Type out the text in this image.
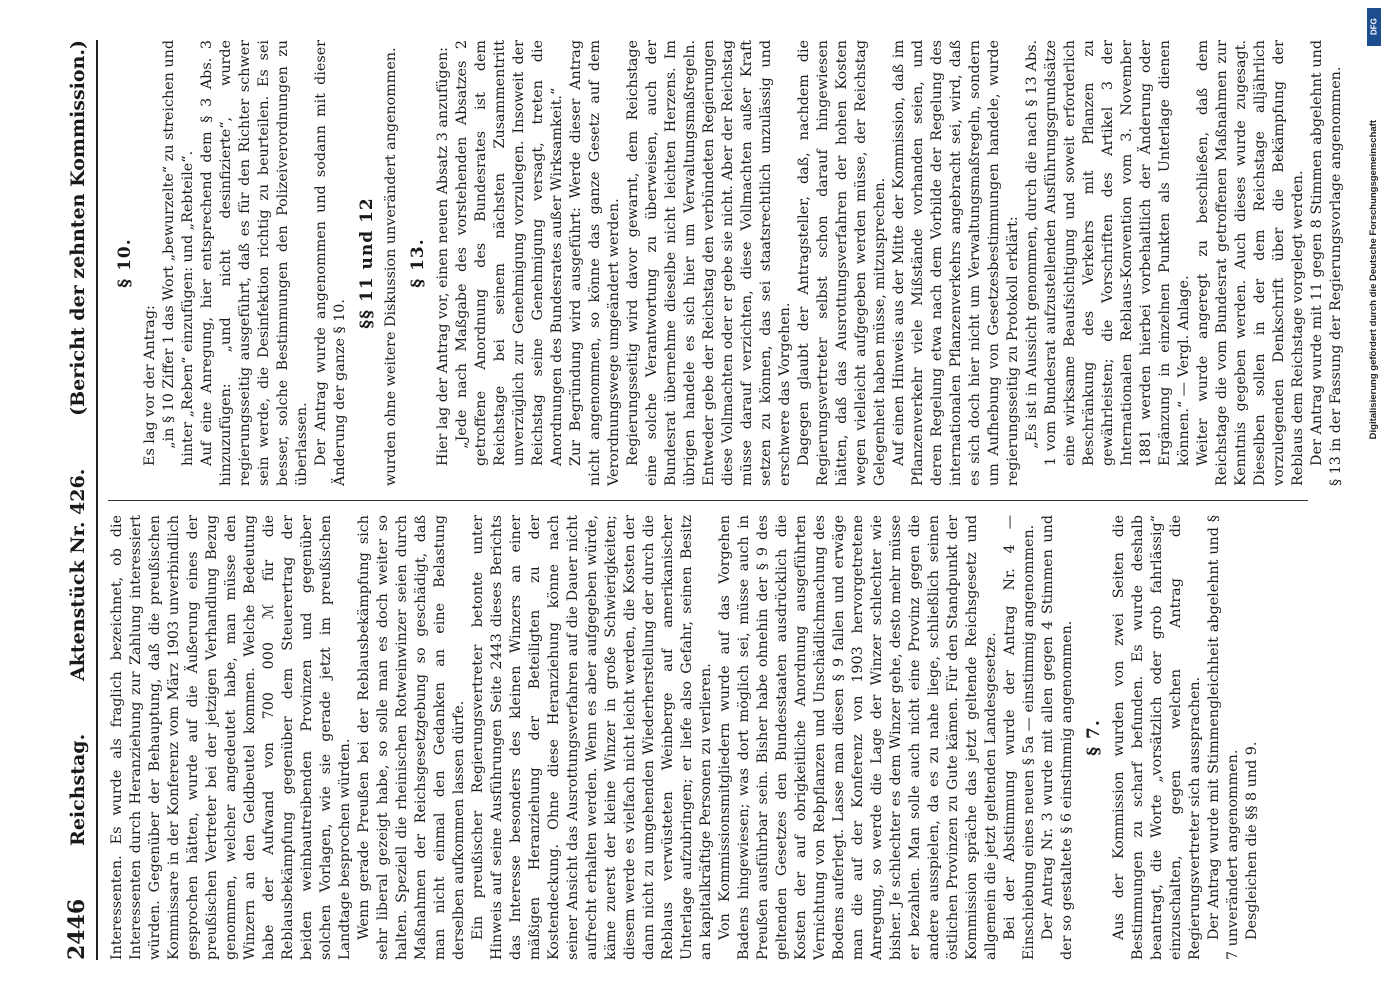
2446
Reichstag.
Aktenstück Nr. 426.
(Bericht der zehnten Kommission.)

Interessenten. Es wurde als fraglich bezeichnet, ob die Interessenten durch Heranziehung zur Zahlung interessiert würden. Gegenüber der Behauptung, daß die preußischen Kommissare in der Konferenz vom März 1903 unverbindlich gesprochen hätten, wurde auf die Äußerung eines der preußischen Vertreter bei der jetzigen Verhandlung Bezug genommen, welcher angedeutet habe, man müsse den Winzern an den Geldbeutel kommen. Welche Bedeutung habe der Aufwand von 700 000 ℳ für die Reblausbekämpfung gegenüber dem Steuerertrag der beiden weinbautreibenden Provinzen und gegenüber solchen Vorlagen, wie sie gerade jetzt im preußischen Landtage besprochen würden. Wenn gerade Preußen bei der Reblausbekämpfung sich sehr liberal gezeigt habe, so solle man es doch weiter so halten. Speziell die rheinischen Rotweinwinzer seien durch Maßnahmen der Reichsgesetzgebung so geschädigt, daß man nicht einmal den Gedanken an eine Belastung derselben aufkommen lassen dürfe. Ein preußischer Regierungsvertreter betonte unter Hinweis auf seine Ausführungen Seite 2443 dieses Berichts das Interesse besonders des kleinen Winzers an einer mäßigen Heranziehung der Beteiligten zu der Kostendeckung. Ohne diese Heranziehung könne nach seiner Ansicht das Ausrottungsverfahren auf die Dauer nicht aufrecht erhalten werden. Wenn es aber aufgegeben würde, käme zuerst der kleine Winzer in große Schwierigkeiten; diesem werde es vielfach nicht leicht werden, die Kosten der dann nicht zu umgehenden Wiederherstellung der durch die Reblaus verwüsteten Weinberge auf amerikanischer Unterlage aufzubringen; er liefe also Gefahr, seinen Besitz an kapitalkräftige Personen zu verlieren. Von Kommissionsmitgliedern wurde auf das Vorgehen Badens hingewiesen; was dort möglich sei, müsse auch in Preußen ausführbar sein. Bisher habe ohnehin der § 9 des geltenden Gesetzes den Bundesstaaten ausdrücklich die Kosten der auf obrigkeitliche Anordnung ausgeführten Vernichtung von Rebpflanzen und Unschädlichmachung des Bodens auferlegt. Lasse man diesen § 9 fallen und erwäge man die auf der Konferenz von 1903 hervorgetretene Anregung, so werde die Lage der Winzer schlechter wie bisher. Je schlechter es dem Winzer gehe, desto mehr müsse er bezahlen. Man solle auch nicht eine Provinz gegen die andere ausspielen, da es zu nahe liege, schließlich seinen östlichen Provinzen zu Gute kämen. Für den Standpunkt der Kommission spräche das jetzt geltende Reichsgesetz und allgemein die jetzt geltenden Landesgesetze. Bei der Abstimmung wurde der Antrag Nr. 4 — Einschiebung eines neuen § 5a — einstimmig angenommen. Der Antrag Nr. 3 wurde mit allen gegen 4 Stimmen und der so gestaltete § 6 einstimmig angenommen. § 7. Aus der Kommission wurden von zwei Seiten die Bestimmungen zu scharf befunden. Es wurde deshalb beantragt, die Worte „vorsätzlich oder grob fahrlässig“ einzuschalten, gegen welchen Antrag die Regierungsvertreter sich aussprachen. Der Antrag wurde mit Stimmengleichheit abgelehnt und § 7 unverändert angenommen. Desgleichen die §§ 8 und 9.

§ 10.

Es lag vor der Antrag: „in § 10 Ziffer 1 das Wort „bewurzelte“ zu streichen und hinter „Reben“ einzufügen: und „Rebteile“. Auf eine Anregung, hier entsprechend dem § 3 Abs. 3 hinzuzufügen: „und nicht desinfizierte“, wurde regierungsseitig ausgeführt, daß es für den Richter schwer sein werde, die Desinfektion richtig zu beurteilen. Es sei besser, solche Bestimmungen den Polizeiverordnungen zu überlassen. Der Antrag wurde angenommen und sodann mit dieser Änderung der ganze § 10.

§§ 11 und 12 wurden ohne weitere Diskussion unverändert angenommen. § 13. Hier lag der Antrag vor, einen neuen Absatz 3 anzufügen: „Jede nach Maßgabe des vorstehenden Absatzes 2 getroffene Anordnung des Bundesrates ist dem Reichstage bei seinem nächsten Zusammentritt unverzüglich zur Genehmigung vorzulegen. Insoweit der Reichstag seine Genehmigung versagt, treten die Anordnungen des Bundesrates außer Wirksamkeit.“ Zur Begründung wird ausgeführt: Werde dieser Antrag nicht angenommen, so könne das ganze Gesetz auf dem Verordnungswege umgeändert werden. Regierungsseitig wird davor gewarnt, dem Reichstage eine solche Verantwortung zu überweisen, auch der Bundesrat übernehme dieselbe nicht leichten Herzens. Im übrigen handele es sich hier um Verwaltungsmaßregeln. Entweder gebe der Reichstag den verbündeten Regierungen diese Vollmachten oder er gebe sie nicht. Aber der Reichstag müsse darauf verzichten, diese Vollmachten außer Kraft setzen zu können, das sei staatsrechtlich unzulässig und erschwere das Vorgehen. Dagegen glaubt der Antragsteller, daß, nachdem die Regierungsvertreter selbst schon darauf hingewiesen hätten, daß das Ausrottungsverfahren der hohen Kosten wegen vielleicht aufgegeben werden müsse, der Reichstag Gelegenheit haben müsse, mitzusprechen. Auf einen Hinweis aus der Mitte der Kommission, daß im Pflanzenverkehr viele Mißstände vorhanden seien, und deren Regelung etwa nach dem Vorbilde der Regelung des internationalen Pflanzenverkehrs angebracht sei, wird, daß es sich doch hier nicht um Verwaltungsmaßregeln, sondern um Aufhebung von Gesetzesbestimmungen handele, wurde regierungsseitig zu Protokoll erklärt: „Es ist in Aussicht genommen, durch die nach § 13 Abs. 1 vom Bundesrat aufzustellenden Ausführungsgrundsätze eine wirksame Beaufsichtigung und soweit erforderlich Beschränkung des Verkehrs mit Pflanzen zu gewährleisten; die Vorschriften des Artikel 3 der Internationalen Reblaus-Konvention vom 3. November 1881 werden hierbei vorbehaltlich der Änderung oder Ergänzung in einzelnen Punkten als Unterlage dienen können.“ — Vergl. Anlage. Weiter wurde angeregt zu beschließen, daß dem Reichstage die vom Bundesrat getroffenen Maßnahmen zur Kenntnis gegeben werden. Auch dieses wurde zugesagt. Dieselben sollen in der dem Reichstage alljährlich vorzulegenden Denkschrift über die Bekämpfung der Reblaus dem Reichstage vorgelegt werden. Der Antrag wurde mit 11 gegen 8 Stimmen abgelehnt und § 13 in der Fassung der Regierungsvorlage angenommen.

DFG
Digitalisierung gefördert durch die Deutsche Forschungsgemeinschaft
